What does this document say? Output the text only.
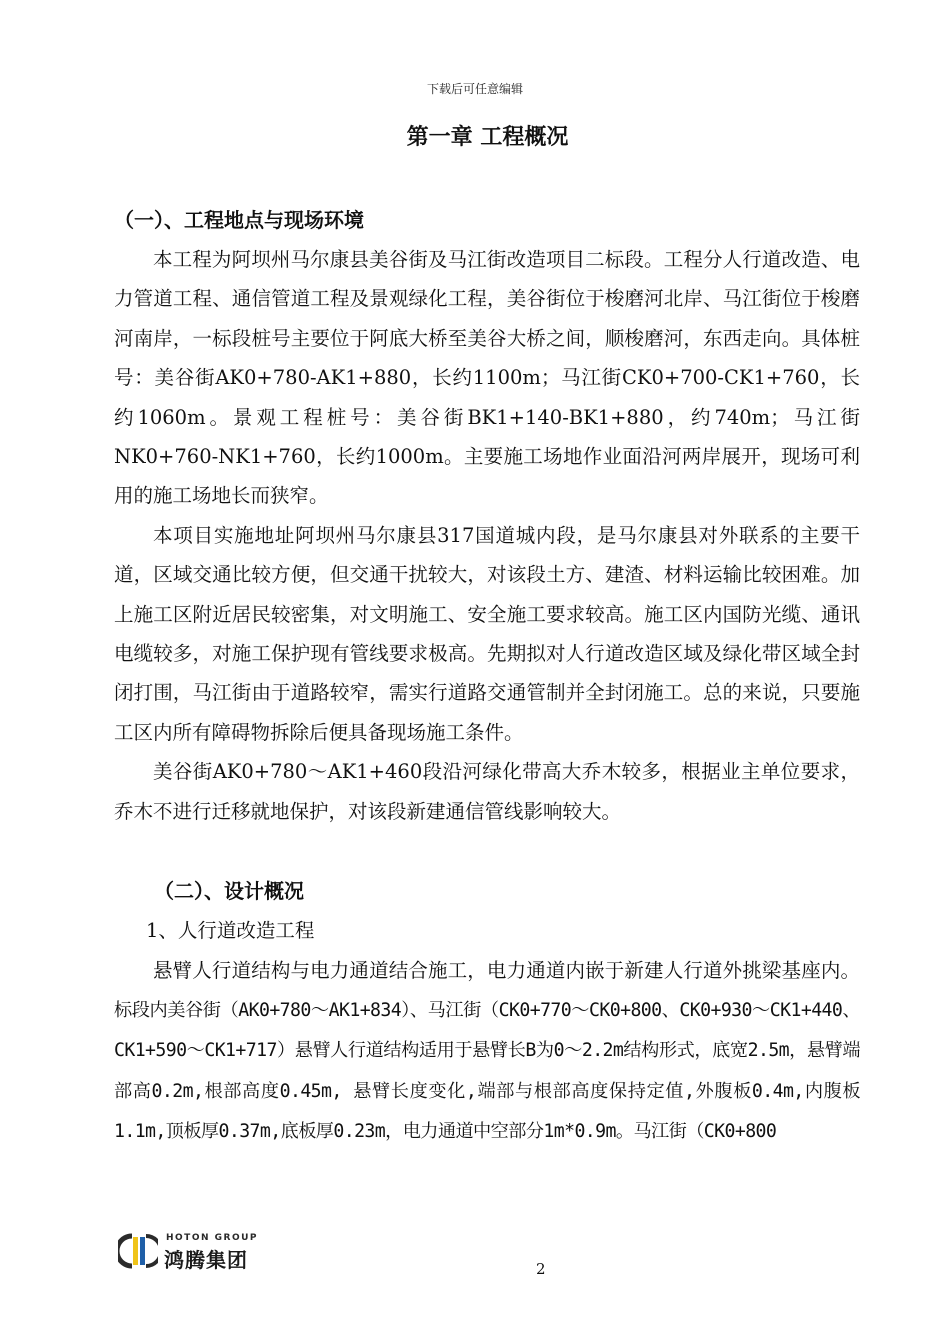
下载后可任意编辑
第一章 工程概况
（一）、工程地点与现场环境

本工程为阿坝州马尔康县美谷街及马江街改造项目二标段。工程分人行道改造、电力管道工程、通信管道工程及景观绿化工程，美谷街位于梭磨河北岸、马江街位于梭磨河南岸，一标段桩号主要位于阿底大桥至美谷大桥之间，顺梭磨河，东西走向。具体桩号：美谷街AK0+780-AK1+880，长约1100m；马江街CK0+700-CK1+760，长约1060m。景观工程桩号：美谷街BK1+140-BK1+880，约740m；马江街NK0+760-NK1+760，长约1000m。主要施工场地作业面沿河两岸展开，现场可利用的施工场地长而狭窄。

本项目实施地址阿坝州马尔康县317国道城内段，是马尔康县对外联系的主要干道，区域交通比较方便，但交通干扰较大，对该段土方、建渣、材料运输比较困难。加上施工区附近居民较密集，对文明施工、安全施工要求较高。施工区内国防光缆、通讯电缆较多，对施工保护现有管线要求极高。先期拟对人行道改造区域及绿化带区域全封闭打围，马江街由于道路较窄，需实行道路交通管制并全封闭施工。总的来说，只要施工区内所有障碍物拆除后便具备现场施工条件。

美谷街AK0+780～AK1+460段沿河绿化带高大乔木较多，根据业主单位要求，乔木不进行迁移就地保护，对该段新建通信管线影响较大。

（二）、设计概况

1、人行道改造工程

悬臂人行道结构与电力通道结合施工，电力通道内嵌于新建人行道外挑梁基座内。标段内美谷街（AK0+780～AK1+834）、马江街（CK0+770～CK0+800、CK0+930～CK1+440、CK1+590～CK1+717）悬臂人行道结构适用于悬臂长B为0～2.2m结构形式，底宽2.5m，悬臂端部高0.2m,根部高度0.45m, 悬臂长度变化,端部与根部高度保持定值,外腹板0.4m,内腹板1.1m,顶板厚0.37m,底板厚0.23m，电力通道中空部分1m*0.9m。马江街（CK0+800

HOTON GROUP
鸿腾集团	2
